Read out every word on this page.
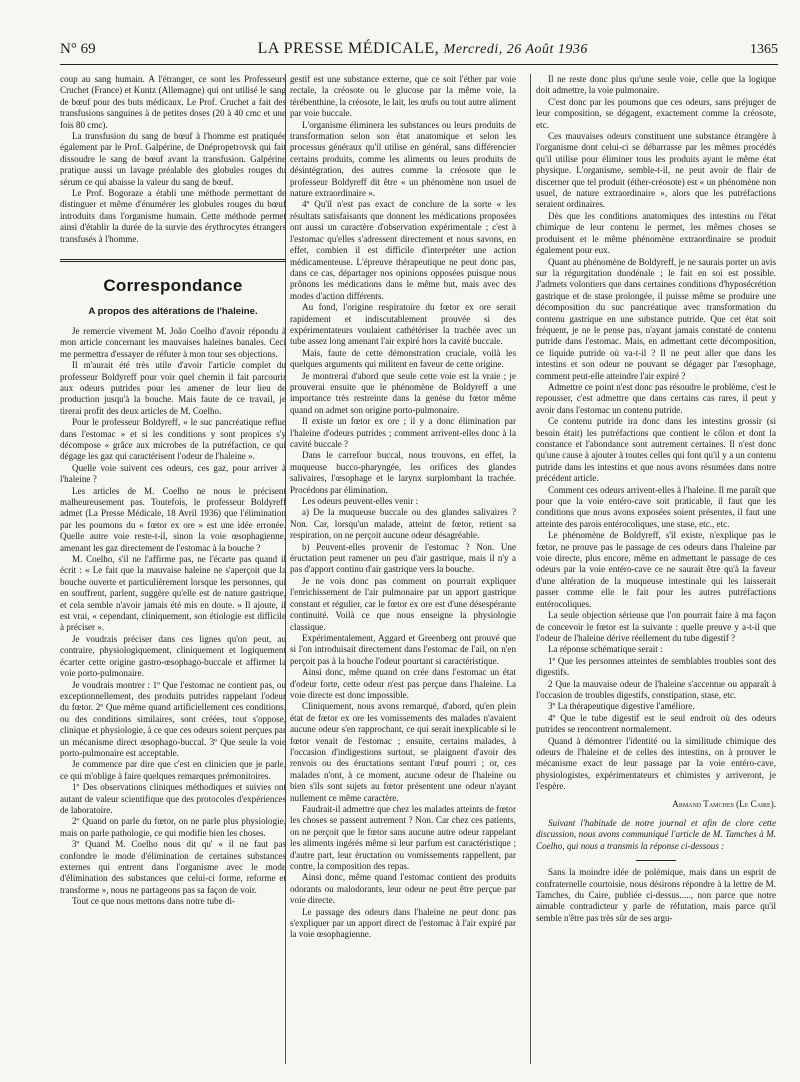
N° 69	LA PRESSE MÉDICALE, Mercredi, 26 Août 1936	1365

coup au sang humain. A l'étranger, ce sont les Professeurs Cruchet (France) et Kuntz (Allemagne) qui ont utilisé le sang de bœuf pour des buts médicaux. Le Prof. Cruchet a fait des transfusions sanguines à de petites doses (20 à 40 cmc et une fois 80 cmc).

La transfusion du sang de bœuf à l'homme est pratiquée également par le Prof. Galpérine, de Dnépropetrovsk qui fait dissoudre le sang de bœuf avant la transfusion. Galpérine pratique aussi un lavage préalable des globules rouges du sérum ce qui abaisse la valeur du sang de bœuf.

Le Prof. Bogoraze a établi une méthode permettant de distinguer et même d'énumérer les globules rouges du bœuf introduits dans l'organisme humain. Cette méthode permet ainsi d'établir la durée de la survie des érythrocytes étrangers transfusés à l'homme.

Correspondance
A propos des altérations de l'haleine.

Je remercie vivement M. João Coelho d'avoir répondu à mon article concernant les mauvaises haleines banales. Ceci me permettra d'essayer de réfuter à mon tour ses objections.

Il m'aurait été très utile d'avoir l'article complet du professeur Boldyreff pour voir quel chemin il fait parcourir aux odeurs putrides pour les amener de leur lieu de production jusqu'à la bouche. Mais faute de ce travail, je tirerai profit des deux articles de M. Coelho.

Pour le professeur Boldyreff, « le suc pancréatique reflue dans l'estomac » et si les conditions y sont propices s'y décompose « grâce aux microbes de la putréfaction, ce qui dégage les gaz qui caractérisent l'odeur de l'haleine ».

Quelle voie suivent ces odeurs, ces gaz, pour arriver à l'haleine ?

Les articles de M. Coelho ne nous le précisent malheureusement pas. Toutefois, le professeur Boldyreff admet (La Presse Médicale, 18 Avril 1936) que l'élimination par les poumons du « fœtor ex ore » est une idée erronée. Quelle autre voie reste-t-il, sinon la voie œsophagienne, amenant les gaz directement de l'estomac à la bouche ?

M. Coelho, s'il ne l'affirme pas, ne l'écarte pas quand il écrit : « Le fait que la mauvaise haleine ne s'aperçoit que la bouche ouverte et particulièrement lorsque les personnes, qui en souffrent, parlent, suggère qu'elle est de nature gastrique, et cela semble n'avoir jamais été mis en doute. » Il ajoute, il est vrai, « cependant, cliniquement, son étiologie est difficile à préciser ».

Je voudrais préciser dans ces lignes qu'on peut, au contraire, physiologiquement, cliniquement et logiquement écarter cette origine gastro-œsophago-buccale et affirmer la voie porto-pulmonaire.

Je voudrais montrer : 1º Que l'estomac ne contient pas, ou exceptionnellement, des produits putrides rappelant l'odeur du fœtor. 2º Que même quand artificiellement ces conditions, ou des conditions similaires, sont créées, tout s'oppose, clinique et physiologie, à ce que ces odeurs soient perçues par un mécanisme direct œsophago-buccal. 3º Que seule la voie porto-pulmonaire est acceptable.

Je commence par dire que c'est en clinicien que je parle, ce qui m'oblige à faire quelques remarques prémonitoires.

1º Des observations cliniques méthodiques et suivies ont autant de valeur scientifique que des protocoles d'expériences de laboratoire.

2º Quand on parle du fœtor, on ne parle plus physiologie, mais on parle pathologie, ce qui modifie bien les choses.

3º Quand M. Coelho nous dit qu' « il ne faut pas confondre le mode d'élimination de certaines substances externes qui entrent dans l'organisme avec le mode d'élimination des substances que celui-ci forme, reforme et transforme », nous ne partageons pas sa façon de voir.

Tout ce que nous mettons dans notre tube di-

gestif est une substance externe, que ce soit l'éther par voie rectale, la créosote ou le glucose par la même voie, la térébenthine, la créosote, le lait, les œufs ou tout autre aliment par voie buccale.

L'organisme éliminera les substances ou leurs produits de transformation selon son état anatomique et selon les processus généraux qu'il utilise en général, sans différencier certains produits, comme les aliments ou leurs produits de désintégration, des autres comme la créosote que le professeur Boldyreff dit être « un phénomène non usuel de nature extraordinaire ».

4º Qu'il n'est pas exact de conclure de la sorte « les résultats satisfaisants que donnent les médications proposées ont aussi un caractère d'observation expérimentale ; c'est à l'estomac qu'elles s'adressent directement et nous savons, en effet, combien il est difficile d'interpréter une action médicamenteuse. L'épreuve thérapeutique ne peut donc pas, dans ce cas, départager nos opinions opposées puisque nous prônons les médications dans le même but, mais avec des modes d'action différents.

Au fond, l'origine respiratoire du fœtor ex ore serait rapidement et indiscutablement prouvée si des expérimentateurs voulaient cathétériser la trachée avec un tube assez long amenant l'air expiré hors la cavité buccale.

Mais, faute de cette démonstration cruciale, voilà les quelques arguments qui militent en faveur de cette origine.

Je montrerai d'abord que seule cette voie est la vraie ; je prouverai ensuite que le phénomène de Boldyreff a une importance très restreinte dans la genèse du fœtor même quand on admet son origine porto-pulmonaire.

Il existe un fœtor ex ore ; il y a donc élimination par l'haleine d'odeurs putrides ; comment arrivent-elles donc à la cavité buccale ?

Dans le carrefour buccal, nous trouvons, en effet, la muqueuse bucco-pharyngée, les orifices des glandes salivaires, l'œsophage et le larynx surplombant la trachée. Procédons par élimination.

Les odeurs peuvent-elles venir :

a) De la muqueuse buccale ou des glandes salivaires ? Non. Car, lorsqu'un malade, atteint de fœtor, retient sa respiration, on ne perçoit aucune odeur désagréable.

b) Peuvent-elles provenir de l'estomac ? Non. Une éructation peut ramener un peu d'air gastrique, mais il n'y a pas d'apport continu d'air gastrique vers la bouche.

Je ne vois donc pas comment on pourrait expliquer l'enrichissement de l'air pulmonaire par un apport gastrique constant et régulier, car le fœtor ex ore est d'une désespérante continuité. Voilà ce que nous enseigne la physiologie classique.

Expérimentalement, Aggard et Greenberg ont prouvé que si l'on introduisait directement dans l'estomac de l'ail, on n'en perçoit pas à la bouche l'odeur pourtant si caractéristique.

Ainsi donc, même quand on crée dans l'estomac un état d'odeur forte, cette odeur n'est pas perçue dans l'haleine. La voie directe est donc impossible.

Cliniquement, nous avons remarqué, d'abord, qu'en plein état de fœtor ex ore les vomissements des malades n'avaient aucune odeur s'en rapprochant, ce qui serait inexplicable si le fœtor venait de l'estomac ; ensuite, certains malades, à l'occasion d'indigestions surtout, se plaignent d'avoir des renvois ou des éructations sentant l'œuf pourri ; or, ces malades n'ont, à ce moment, aucune odeur de l'haleine ou bien s'ils sont sujets au fœtor présentent une odeur n'ayant nullement ce même caractère.

Faudrait-il admettre que chez les malades atteints de fœtor les choses se passent autrement ? Non. Car chez ces patients, on ne perçoit que le fœtor sans aucune autre odeur rappelant les aliments ingérés même si leur parfum est caractéristique ; d'autre part, leur éructation ou vomissements rappellent, par contre, la composition des repas.

Ainsi donc, même quand l'estomac contient des produits odorants ou malodorants, leur odeur ne peut être perçue par voie directe.

Le passage des odeurs dans l'haleine ne peut donc pas s'expliquer par un apport direct de l'estomac à l'air expiré par la voie œsophagienne.

Il ne reste donc plus qu'une seule voie, celle que la logique doit admettre, la voie pulmonaire.

C'est donc par les poumons que ces odeurs, sans préjuger de leur composition, se dégagent, exactement comme la créosote, etc.

Ces mauvaises odeurs constituent une substance étrangère à l'organisme dont celui-ci se débarrasse par les mêmes procédés qu'il utilise pour éliminer tous les produits ayant le même état physique. L'organisme, semble-t-il, ne peut avoir de flair de discerner que tel produit (éther-créosote) est « un phénomène non usuel, de nature extraordinaire », alors que les putréfactions seraient ordinaires.

Dès que les conditions anatomiques des intestins ou l'état chimique de leur contenu le permet, les mêmes choses se produisent et le même phénomène extraordinaire se produit également pour eux.

Quant au phénomène de Boldyreff, je ne saurais porter un avis sur la régurgitation duodénale ; le fait en soi est possible. J'admets volontiers que dans certaines conditions d'hyposécrétion gastrique et de stase prolongée, il puisse même se produire une décomposition du suc pancréatique avec transformation du contenu gastrique en une substance putride. Que cet état soit fréquent, je ne le pense pas, n'ayant jamais constaté de contenu putride dans l'estomac. Mais, en admettant cette décomposition, ce liquide putride où va-t-il ? Il ne peut aller que dans les intestins et son odeur ne pouvant se dégager par l'œsophage, comment peut-elle atteindre l'air expiré ?

Admettre ce point n'est donc pas résoudre le problème, c'est le repousser, c'est admettre que dans certains cas rares, il peut y avoir dans l'estomac un contenu putride.

Ce contenu putride ira donc dans les intestins grossir (si besoin était) les putréfactions que contient le côlon et dont la constance et l'abondance sont autrement certaines. Il n'est donc qu'une cause à ajouter à toutes celles qui font qu'il y a un contenu putride dans les intestins et que nous avons résumées dans notre précédent article.

Comment ces odeurs arrivent-elles à l'haleine. Il me paraît que pour que la voie entéro-cave soit praticable, il faut que les conditions que nous avons exposées soient présentes, il faut une atteinte des parois entérocoliques, une stase, etc., etc.

Le phénomène de Boldyreff, s'il existe, n'explique pas le fœtor, ne prouve pas le passage de ces odeurs dans l'haleine par voie directe, plus encore, même en admettant le passage de ces odeurs par la voie entéro-cave ce ne saurait être qu'à la faveur d'une altération de la muqueuse intestinale qui les laisserait passer comme elle le fait pour les autres putréfactions entérocoliques.

La seule objection sérieuse que l'on pourrait faire à ma façon de concevoir le fœtor est la suivante : quelle preuve y a-t-il que l'odeur de l'haleine dérive réellement du tube digestif ?

La réponse schématique serait :

1º Que les personnes atteintes de semblables troubles sont des digestifs.

2 Que la mauvaise odeur de l'haleine s'accentue ou apparaît à l'occasion de troubles digestifs, constipation, stase, etc.

3º La thérapeutique digestive l'améliore.

4º Que le tube digestif est le seul endroit où des odeurs putrides se rencontrent normalement.

Quand à démontrer l'identité ou la similitude chimique des odeurs de l'haleine et de celles des intestins, on à prouver le mécanisme exact de leur passage par la voie entéro-cave, physiologistes, expérimentateurs et chimistes y arriveront, je l'espère.

Armand Tamches (Le Caire).

Suivant l'habitude de notre journal et afin de clore cette discussion, nous avons communiqué l'article de M. Tamches à M. Coelho, qui nous a transmis la réponse ci-dessous :

Sans la moindre idée de polémique, mais dans un esprit de confraternelle courtoisie, nous désirons répondre à la lettre de M. Tamches, du Caire, publiée ci-dessus....., non parce que notre aimable contradicteur y parle de réfutation, mais parce qu'il semble n'être pas très sûr de ses argu-
